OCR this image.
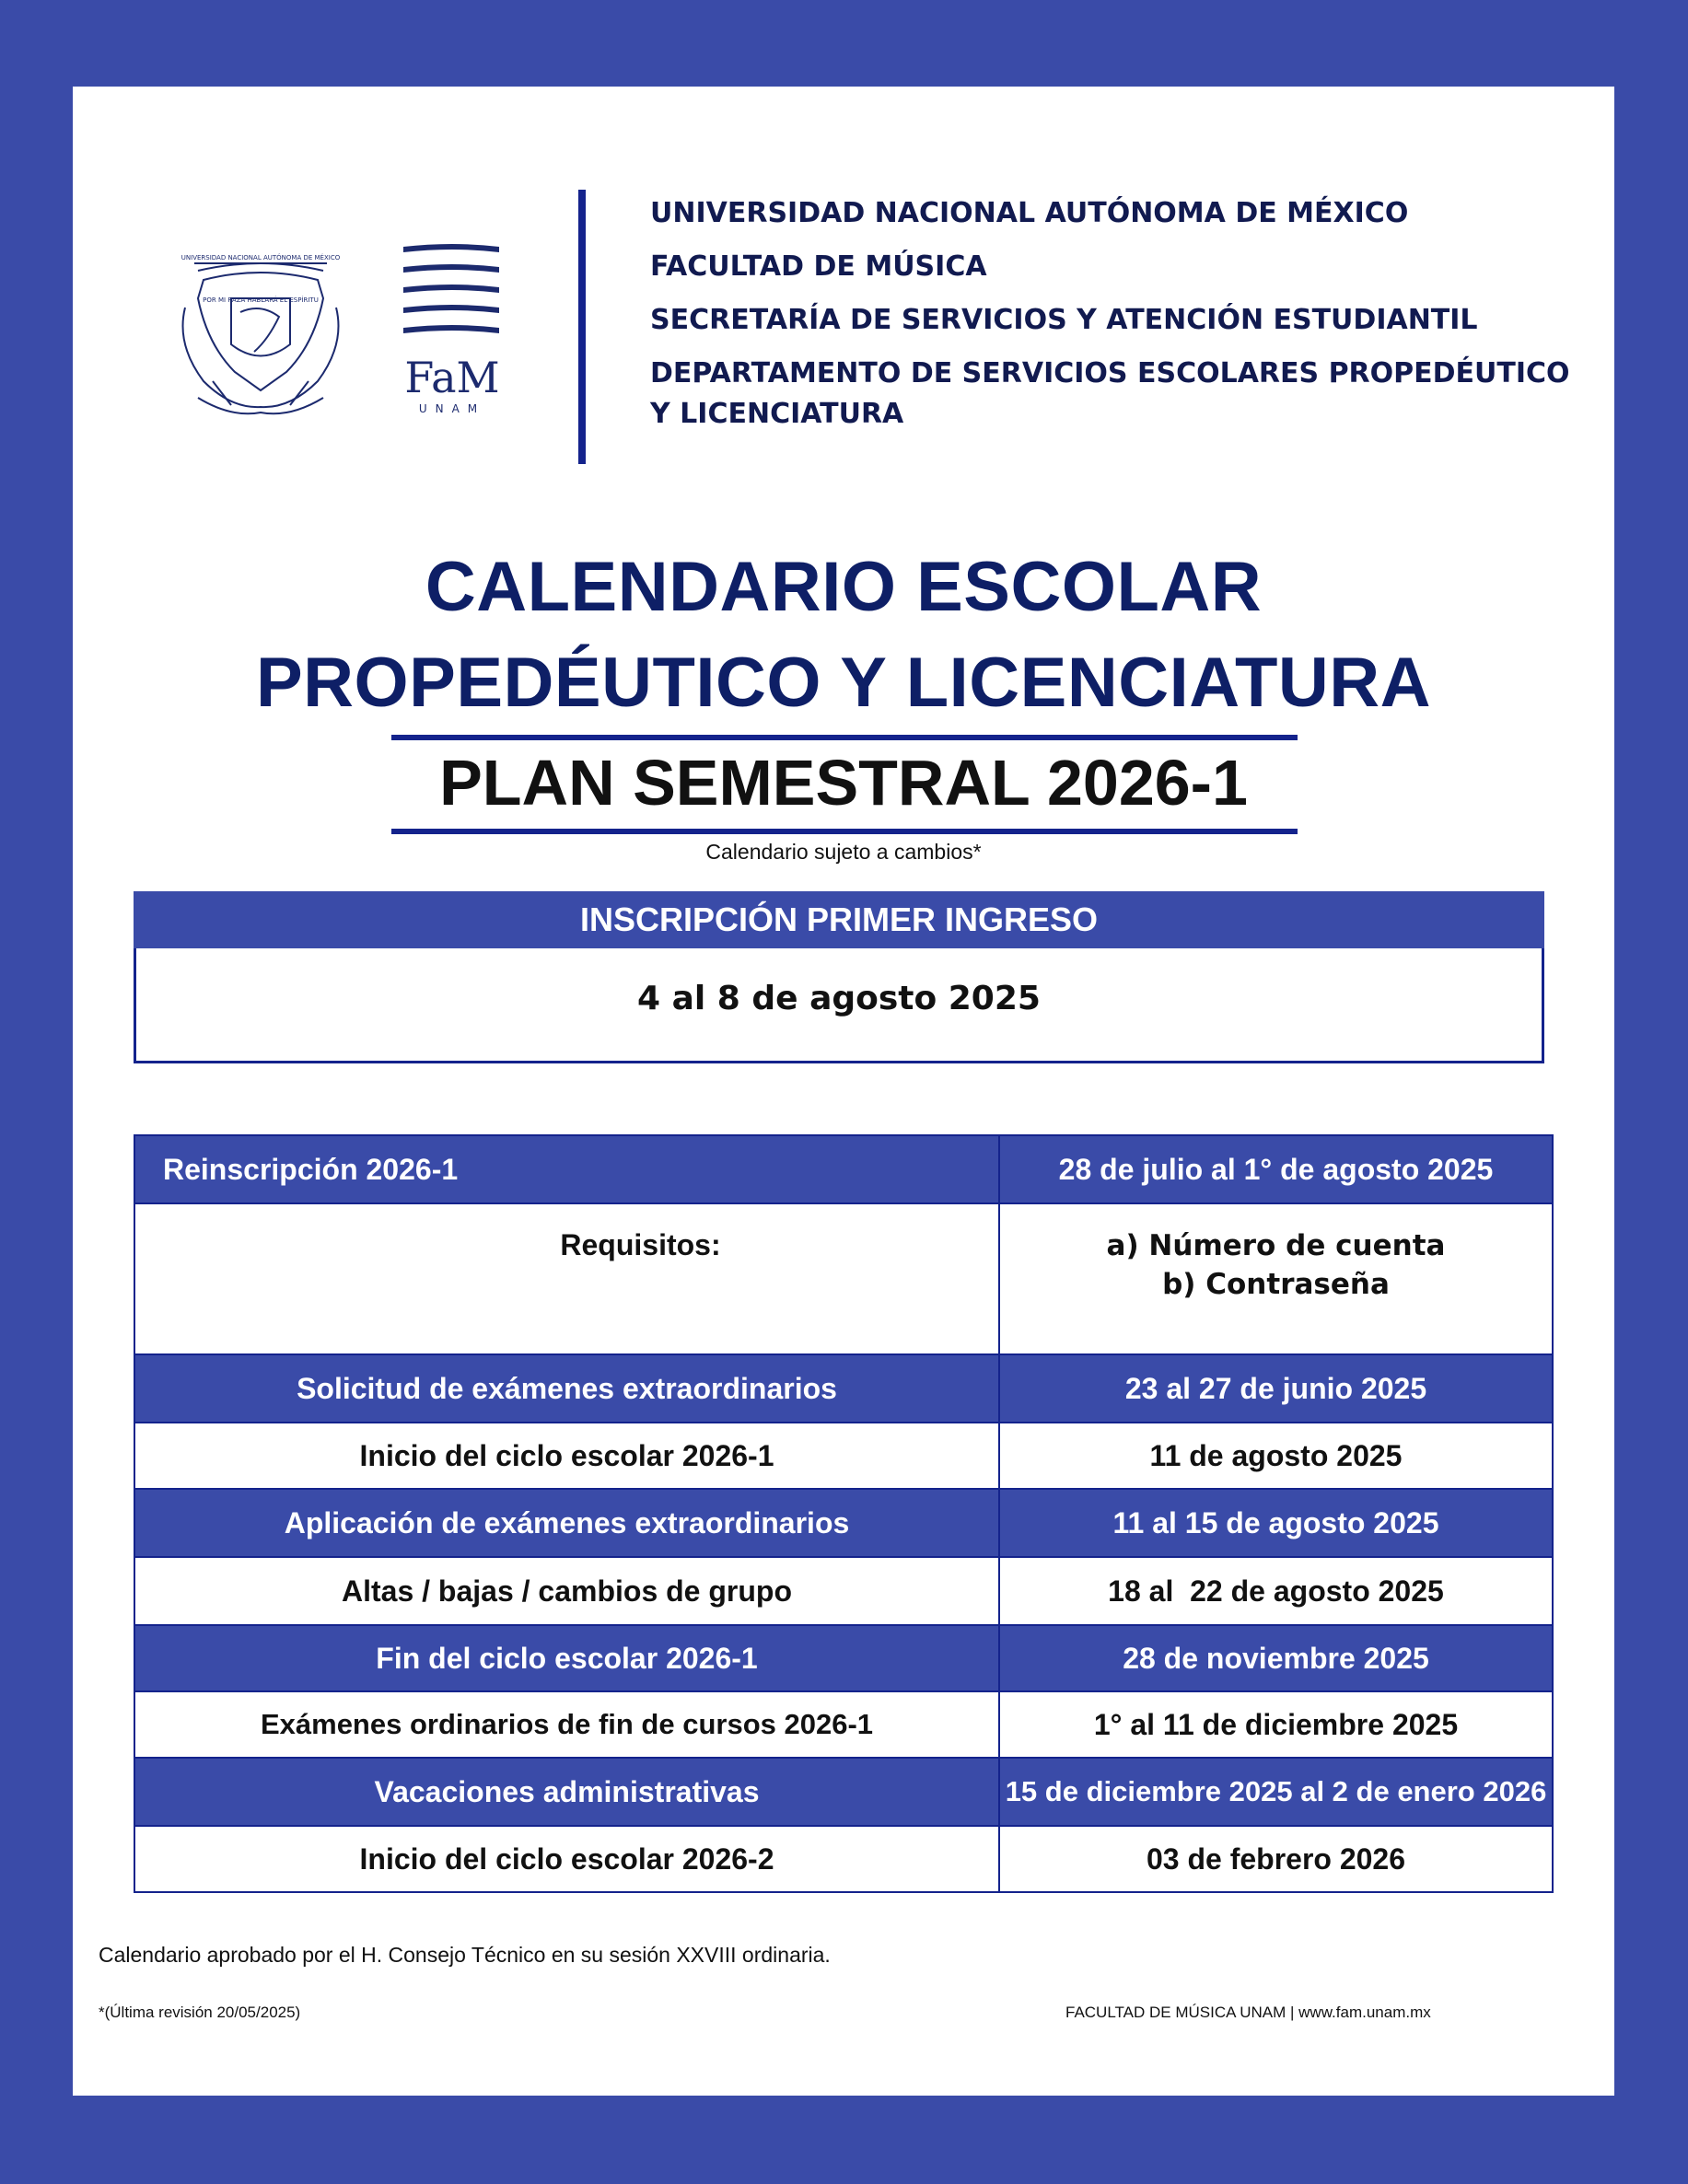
UNIVERSIDAD NACIONAL AUTÓNOMA DE MÉXICO
POR MI RAZA HABLARÁ EL ESPÍRITU
FaM
UNAM
UNIVERSIDAD NACIONAL AUTÓNOMA DE MÉXICO
FACULTAD DE MÚSICA
SECRETARÍA DE SERVICIOS Y ATENCIÓN ESTUDIANTIL
DEPARTAMENTO DE SERVICIOS ESCOLARES PROPEDÉUTICO
Y LICENCIATURA
CALENDARIO ESCOLAR
PROPEDÉUTICO Y LICENCIATURA
PLAN SEMESTRAL 2026-1
Calendario sujeto a cambios*
INSCRIPCIÓN PRIMER INGRESO
4 al 8 de agosto 2025
Reinscripción 2026-1	28 de julio al 1° de agosto 2025
Requisitos:	a) Número de cuenta
b) Contraseña

Solicitud de exámenes extraordinarios	23 al 27 de junio 2025
Inicio del ciclo escolar 2026-1	11 de agosto 2025
Aplicación de exámenes extraordinarios	11 al 15 de agosto 2025
Altas / bajas / cambios de grupo	18 al  22 de agosto 2025
Fin del ciclo escolar 2026-1	28 de noviembre 2025
Exámenes ordinarios de fin de cursos 2026-1	1° al 11 de diciembre 2025
Vacaciones administrativas	15 de diciembre 2025 al 2 de enero 2026
Inicio del ciclo escolar 2026-2	03 de febrero 2026
Calendario aprobado por el H. Consejo Técnico en su sesión XXVIII ordinaria.
*(Última revisión 20/05/2025)	FACULTAD DE MÚSICA UNAM | www.fam.unam.mx
